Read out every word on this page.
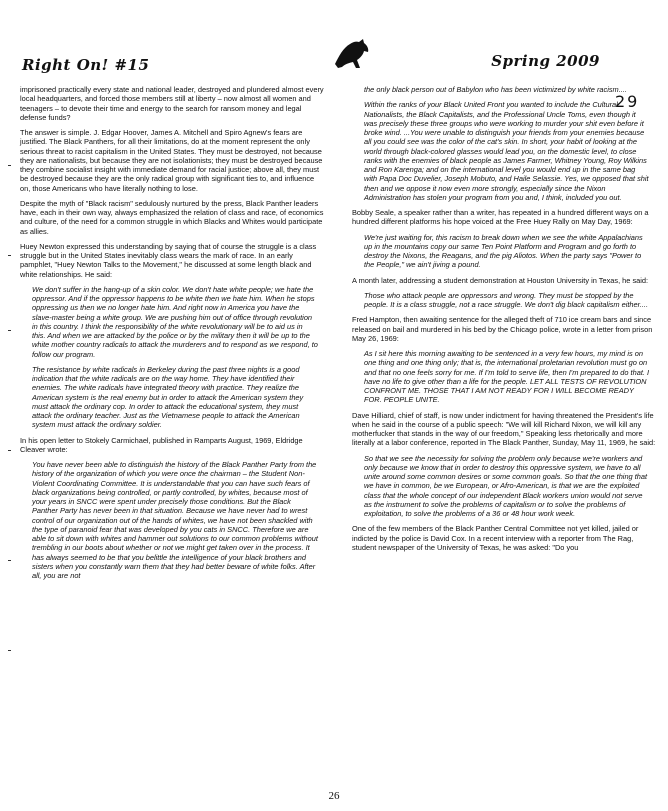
Right On! #15	Spring 2009
29

imprisoned practically every state and national leader, destroyed and plundered almost every local headquarters, and forced those members still at liberty – now almost all women and teenagers – to devote their time and energy to the search for ransom money and legal defense funds?

The answer is simple. J. Edgar Hoover, James A. Mitchell and Spiro Agnew's fears are justified. The Black Panthers, for all their limitations, do at the moment represent the only serious threat to racist capitalism in the United States. They must be destroyed, not because they are nationalists, but because they are not isolationists; they must be destroyed because they combine socialist insight with immediate demand for racial justice; above all, they must be destroyed because they are the only radical group with significant ties to, and influence on, those Americans who have literally nothing to lose.

Despite the myth of "Black racism" sedulously nurtured by the press, Black Panther leaders have, each in their own way, always emphasized the relation of class and race, of economics and culture, of the need for a common struggle in which Blacks and Whites would participate as allies.

Huey Newton expressed this understanding by saying that of course the struggle is a class struggle but in the United States inevitably class wears the mark of race. In an early pamphlet, "Huey Newton Talks to the Movement," he discussed at some length black and white relationships. He said:

We don't suffer in the hang-up of a skin color. We don't hate white people; we hate the oppressor. And if the oppressor happens to be white then we hate him. When he stops oppressing us then we no longer hate him. And right now in America you have the slave-master being a white group. We are pushing him out of office through revolution in this country. I think the responsibility of the white revolutionary will be to aid us in this. And when we are attacked by the police or by the military then it will be up to the white mother country radicals to attack the murderers and to respond as we respond, to follow our program.

The resistance by white radicals in Berkeley during the past three nights is a good indication that the white radicals are on the way home. They have identified their enemies. The white radicals have integrated theory with practice. They realize the American system is the real enemy but in order to attack the American system they must attack the ordinary cop. In order to attack the educational system, they must attack the ordinary teacher. Just as the Vietnamese people to attack the American system must attack the ordinary soldier.

In his open letter to Stokely Carmichael, published in Ramparts August, 1969, Eldridge Cleaver wrote:

You have never been able to distinguish the history of the Black Panther Party from the history of the organization of which you were once the chairman – the Student Non-Violent Coordinating Committee. It is understandable that you can have such fears of black organizations being controlled, or partly controlled, by whites, because most of your years in SNCC were spent under precisely those conditions. But the Black Panther Party has never been in that situation. Because we have never had to wrest control of our organization out of the hands of whites, we have not been shackled with the type of paranoid fear that was developed by you cats in SNCC. Therefore we are able to sit down with whites and hammer out solutions to our common problems without trembling in our boots about whether or not we might get taken over in the process. It has always seemed to be that you belittle the intelligence of your black brothers and sisters when you constantly warn them that they had better beware of white folks. After all, you are not

the only black person out of Babylon who has been victimized by white racism....

Within the ranks of your Black United Front you wanted to include the Cultural Nationalists, the Black Capitalists, and the Professional Uncle Toms, even though it was precisely these three groups who were working to murder your shit even before it broke wind. ...You were unable to distinguish your friends from your enemies because all you could see was the color of the cat's skin. In short, your habit of looking at the world through black-colored glasses would lead you, on the domestic level, to close ranks with the enemies of black people as James Farmer, Whitney Young, Roy Wilkins and Ron Karenga; and on the international level you would end up in the same bag with Papa Doc Duvelier, Joseph Mobuto, and Haile Selassie. Yes, we opposed that shit then and we oppose it now even more strongly, especially since the Nixon Administration has stolen your program from you and, I think, included you out.

Bobby Seale, a speaker rather than a writer, has repeated in a hundred different ways on a hundred different platforms his hope voiced at the Free Huey Rally on May Day, 1969:

We're just waiting for, this racism to break down when we see the white Appalachians up in the mountains copy our same Ten Point Platform and Program and go forth to destroy the Nixons, the Reagans, and the pig Aliotos. When the party says "Power to the People," we ain't jiving a pound.

A month later, addressing a student demonstration at Houston University in Texas, he said:

Those who attack people are oppressors and wrong. They must be stopped by the people. It is a class struggle, not a race struggle. We don't dig black capitalism either....

Fred Hampton, then awaiting sentence for the alleged theft of 710 ice cream bars and since released on bail and murdered in his bed by the Chicago police, wrote in a letter from prison May 26, 1969:

As I sit here this morning awaiting to be sentenced in a very few hours, my mind is on one thing and one thing only; that is, the international proletarian revolution must go on and that no one feels sorry for me. If I'm told to serve life, then I'm prepared to do that. I have no life to give other than a life for the people. LET ALL TESTS OF REVOLUTION CONFRONT ME. THOSE THAT I AM NOT READY FOR I WILL BECOME READY FOR. PEOPLE UNITE.

Dave Hilliard, chief of staff, is now under indictment for having threatened the President's life when he said in the course of a public speech: "We will kill Richard Nixon, we will kill any motherfucker that stands in the way of our freedom," Speaking less rhetorically and more literally at a labor conference, reported in The Black Panther, Sunday, May 11, 1969, he said:

So that we see the necessity for solving the problem only because we're workers and only because we know that in order to destroy this oppressive system, we have to all unite around some common desires or some common goals. So that the one thing that we have in common, be we European, or Afro-American, is that we are the exploited class that the whole concept of our independent Black workers union would not serve as the instrument to solve the problems of capitalism or to solve the problems of exploitation, to solve the problems of a 36 or 48 hour work week.

One of the few members of the Black Panther Central Committee not yet killed, jailed or indicted by the police is David Cox. In a recent interview with a reporter from The Rag, student newspaper of the University of Texas, he was asked: "Do you

26
